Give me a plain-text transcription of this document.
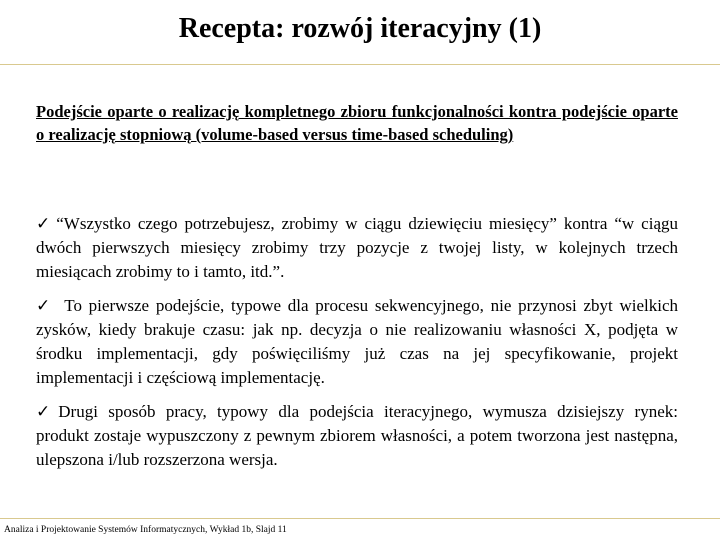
Recepta: rozwój iteracyjny (1)
Podejście oparte o realizację kompletnego zbioru funkcjonalności kontra podejście oparte o realizację stopniową (volume-based versus time-based scheduling)
✓ “Wszystko czego potrzebujesz, zrobimy w ciągu dziewięciu miesięcy” kontra “w ciągu dwóch pierwszych miesięcy zrobimy trzy pozycje z twojej listy, w kolejnych trzech miesiącach zrobimy to i tamto, itd.”.
✓ To pierwsze podejście, typowe dla procesu sekwencyjnego, nie przynosi zbyt wielkich zysków, kiedy brakuje czasu: jak np. decyzja o nie realizowaniu własności X, podjęta w środku implementacji, gdy poświęciliśmy już czas na jej specyfikowanie, projekt implementacji i częściową implementację.
✓ Drugi sposób pracy, typowy dla podejścia iteracyjnego, wymusza dzisiejszy rynek: produkt zostaje wypuszczony z pewnym zbiorem własności, a potem tworzona jest następna, ulepszona i/lub rozszerzona wersja.
Analiza i Projektowanie Systemów Informatycznych, Wykład 1b, Slajd 11
